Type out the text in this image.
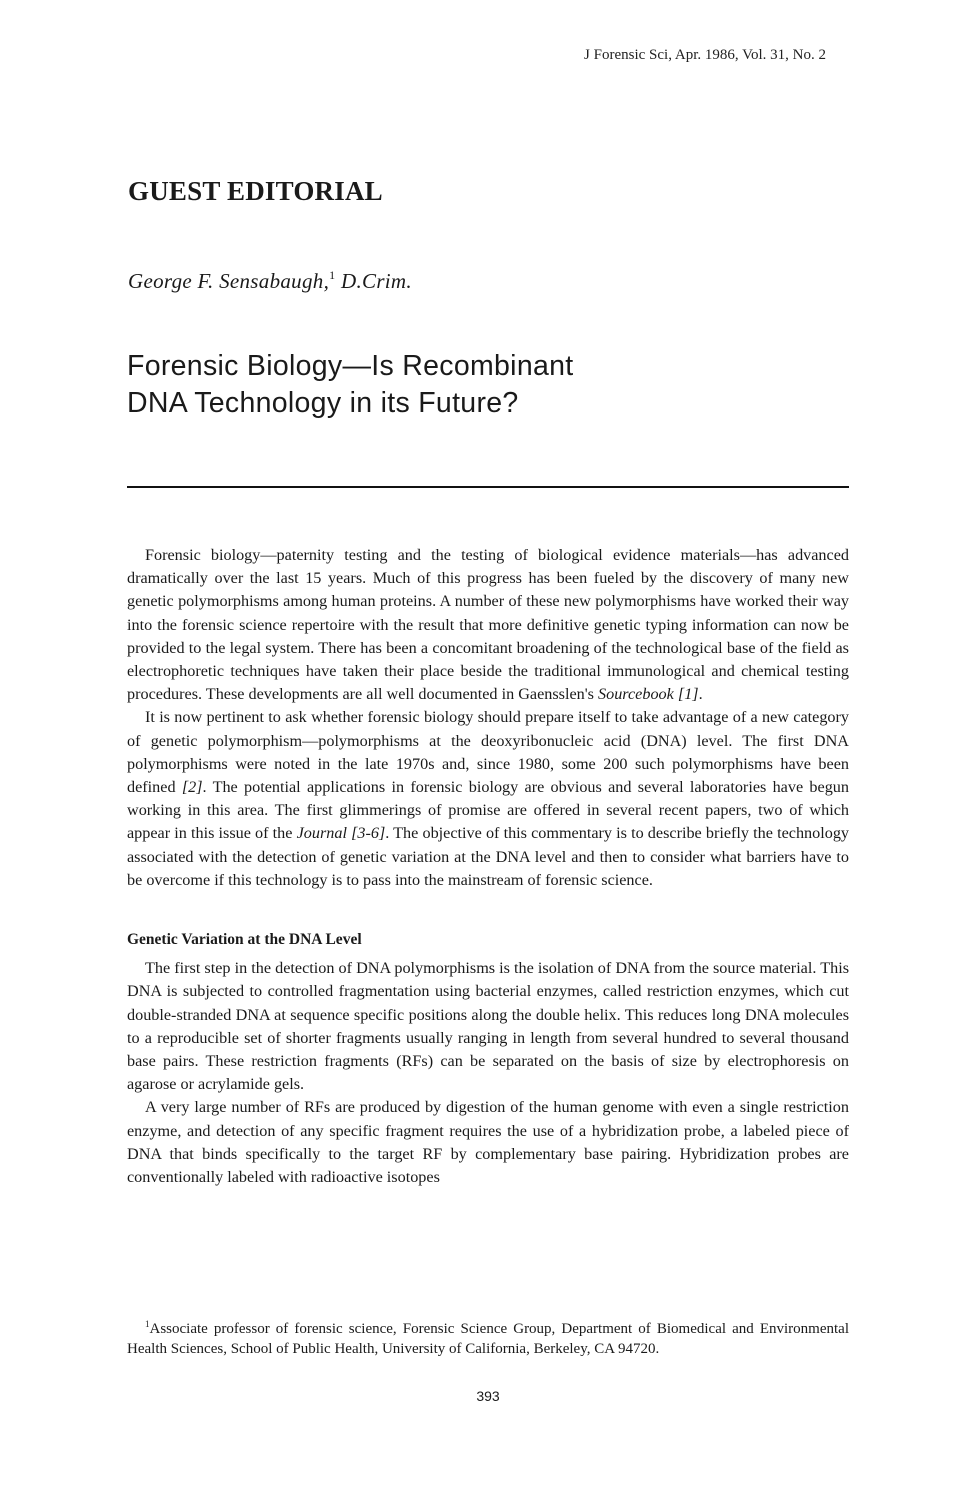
J Forensic Sci, Apr. 1986, Vol. 31, No. 2
GUEST EDITORIAL
George F. Sensabaugh,$^1$ D.Crim.
Forensic Biology—Is Recombinant
DNA Technology in its Future?

Forensic biology—paternity testing and the testing of biological evidence materials—has advanced dramatically over the last 15 years. Much of this progress has been fueled by the discovery of many new genetic polymorphisms among human proteins. A number of these new polymorphisms have worked their way into the forensic science repertoire with the result that more definitive genetic typing information can now be provided to the legal system. There has been a concomitant broadening of the technological base of the field as electrophoretic techniques have taken their place beside the traditional immunological and chemical testing procedures. These developments are all well documented in Gaensslen's Sourcebook [1].

It is now pertinent to ask whether forensic biology should prepare itself to take advantage of a new category of genetic polymorphism—polymorphisms at the deoxyribonucleic acid (DNA) level. The first DNA polymorphisms were noted in the late 1970s and, since 1980, some 200 such polymorphisms have been defined [2]. The potential applications in forensic biology are obvious and several laboratories have begun working in this area. The first glimmerings of promise are offered in several recent papers, two of which appear in this issue of the Journal [3-6]. The objective of this commentary is to describe briefly the technology associated with the detection of genetic variation at the DNA level and then to consider what barriers have to be overcome if this technology is to pass into the mainstream of forensic science.

Genetic Variation at the DNA Level

The first step in the detection of DNA polymorphisms is the isolation of DNA from the source material. This DNA is subjected to controlled fragmentation using bacterial enzymes, called restriction enzymes, which cut double-stranded DNA at sequence specific positions along the double helix. This reduces long DNA molecules to a reproducible set of shorter fragments usually ranging in length from several hundred to several thousand base pairs. These restriction fragments (RFs) can be separated on the basis of size by electrophoresis on agarose or acrylamide gels.

A very large number of RFs are produced by digestion of the human genome with even a single restriction enzyme, and detection of any specific fragment requires the use of a hybridization probe, a labeled piece of DNA that binds specifically to the target RF by complementary base pairing. Hybridization probes are conventionally labeled with radioactive isotopes

$^1$Associate professor of forensic science, Forensic Science Group, Department of Biomedical and Environmental Health Sciences, School of Public Health, University of California, Berkeley, CA 94720.
393
